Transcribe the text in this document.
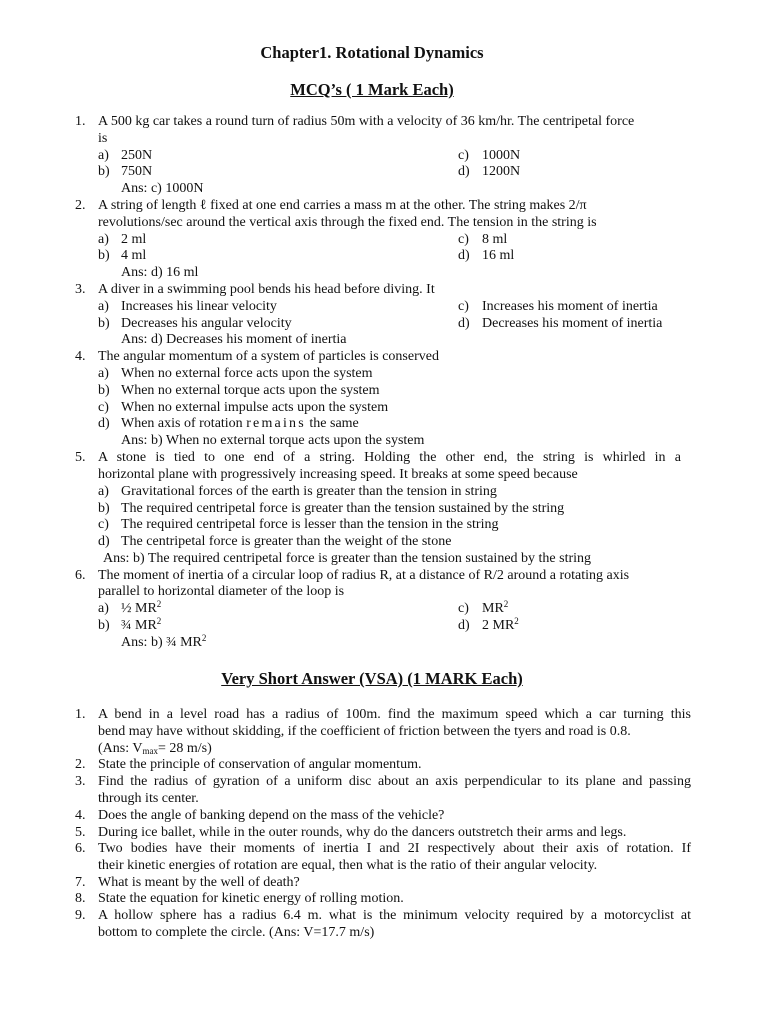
Chapter1. Rotational Dynamics
MCQ’s ( 1 Mark Each)
1. A 500 kg car takes a round turn of radius 50m with a velocity of 36 km/hr. The centripetal force
is
a) 250N
b) 750N
c) 1000N
d) 1200N
Ans: c) 1000N
2. A string of length ℓ fixed at one end carries a mass m at the other. The string makes 2/π
revolutions/sec around the vertical axis through the fixed end. The tension in the string is
a) 2 ml
b) 4 ml
c) 8 ml
d) 16 ml
Ans: d) 16 ml
3. A diver in a swimming pool bends his head before diving. It
a) Increases his linear velocity
b) Decreases his angular velocity
c) Increases his moment of inertia
d) Decreases his moment of inertia
Ans: d) Decreases his moment of inertia
4. The angular momentum of a system of particles is conserved
a) When no external force acts upon the system
b) When no external torque acts upon the system
c) When no external impulse acts upon the system
d) When axis of rotation remains the same
Ans: b) When no external torque acts upon the system
5. A stone is tied to one end of a string. Holding the other end, the string is whirled in a
horizontal plane with progressively increasing speed. It breaks at some speed because
a) Gravitational forces of the earth is greater than the tension in string
b) The required centripetal force is greater than the tension sustained by the string
c) The required centripetal force is lesser than the tension in the string
d) The centripetal force is greater than the weight of the stone
Ans: b) The required centripetal force is greater than the tension sustained by the string
6. The moment of inertia of a circular loop of radius R, at a distance of R/2 around a rotating axis
parallel to horizontal diameter of the loop is
a) ½ $MR^2$
b) ¾ $MR^2$
c) $MR^2$
d) 2 $MR^2$
Ans: b) ¾ $MR^2$
Very Short Answer (VSA) (1 MARK Each)
1. A bend in a level road has a radius of 100m. find the maximum speed which a car turning this
bend may have without skidding, if the coefficient of friction between the tyers and road is 0.8.
(Ans: $V_{max}= 28$ m/s)
2. State the principle of conservation of angular momentum.
3. Find the radius of gyration of a uniform disc about an axis perpendicular to its plane and passing
through its center.
4. Does the angle of banking depend on the mass of the vehicle?
5. During ice ballet, while in the outer rounds, why do the dancers outstretch their arms and legs.
6. Two bodies have their moments of inertia I and 2I respectively about their axis of rotation. If
their kinetic energies of rotation are equal, then what is the ratio of their angular velocity.
7. What is meant by the well of death?
8. State the equation for kinetic energy of rolling motion.
9. A hollow sphere has a radius 6.4 m. what is the minimum velocity required by a motorcyclist at
bottom to complete the circle. (Ans: V=17.7 m/s)
